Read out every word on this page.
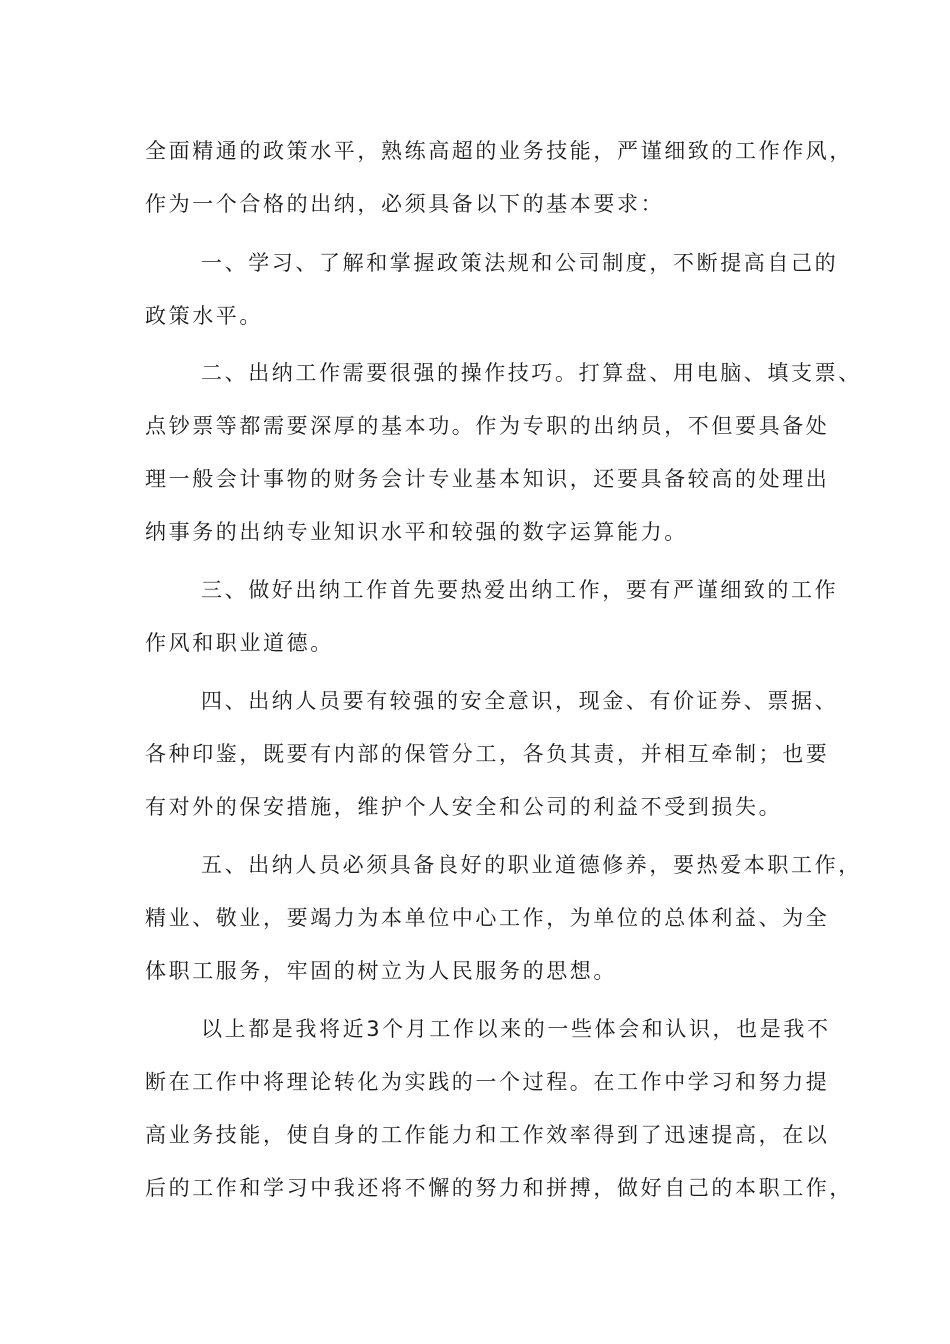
全面精通的政策水平，熟练高超的业务技能，严谨细致的工作作风，
作为一个合格的出纳，必须具备以下的基本要求：
一、学习、了解和掌握政策法规和公司制度，不断提高自己的
政策水平。
二、出纳工作需要很强的操作技巧。打算盘、用电脑、填支票、
点钞票等都需要深厚的基本功。作为专职的出纳员，不但要具备处
理一般会计事物的财务会计专业基本知识，还要具备较高的处理出
纳事务的出纳专业知识水平和较强的数字运算能力。
三、做好出纳工作首先要热爱出纳工作，要有严谨细致的工作
作风和职业道德。
四、出纳人员要有较强的安全意识，现金、有价证券、票据、
各种印鉴，既要有内部的保管分工，各负其责，并相互牵制；也要
有对外的保安措施，维护个人安全和公司的利益不受到损失。
五、出纳人员必须具备良好的职业道德修养，要热爱本职工作，
精业、敬业，要竭力为本单位中心工作，为单位的总体利益、为全
体职工服务，牢固的树立为人民服务的思想。
以上都是我将近3个月工作以来的一些体会和认识，也是我不
断在工作中将理论转化为实践的一个过程。在工作中学习和努力提
高业务技能，使自身的工作能力和工作效率得到了迅速提高，在以
后的工作和学习中我还将不懈的努力和拼搏，做好自己的本职工作，
